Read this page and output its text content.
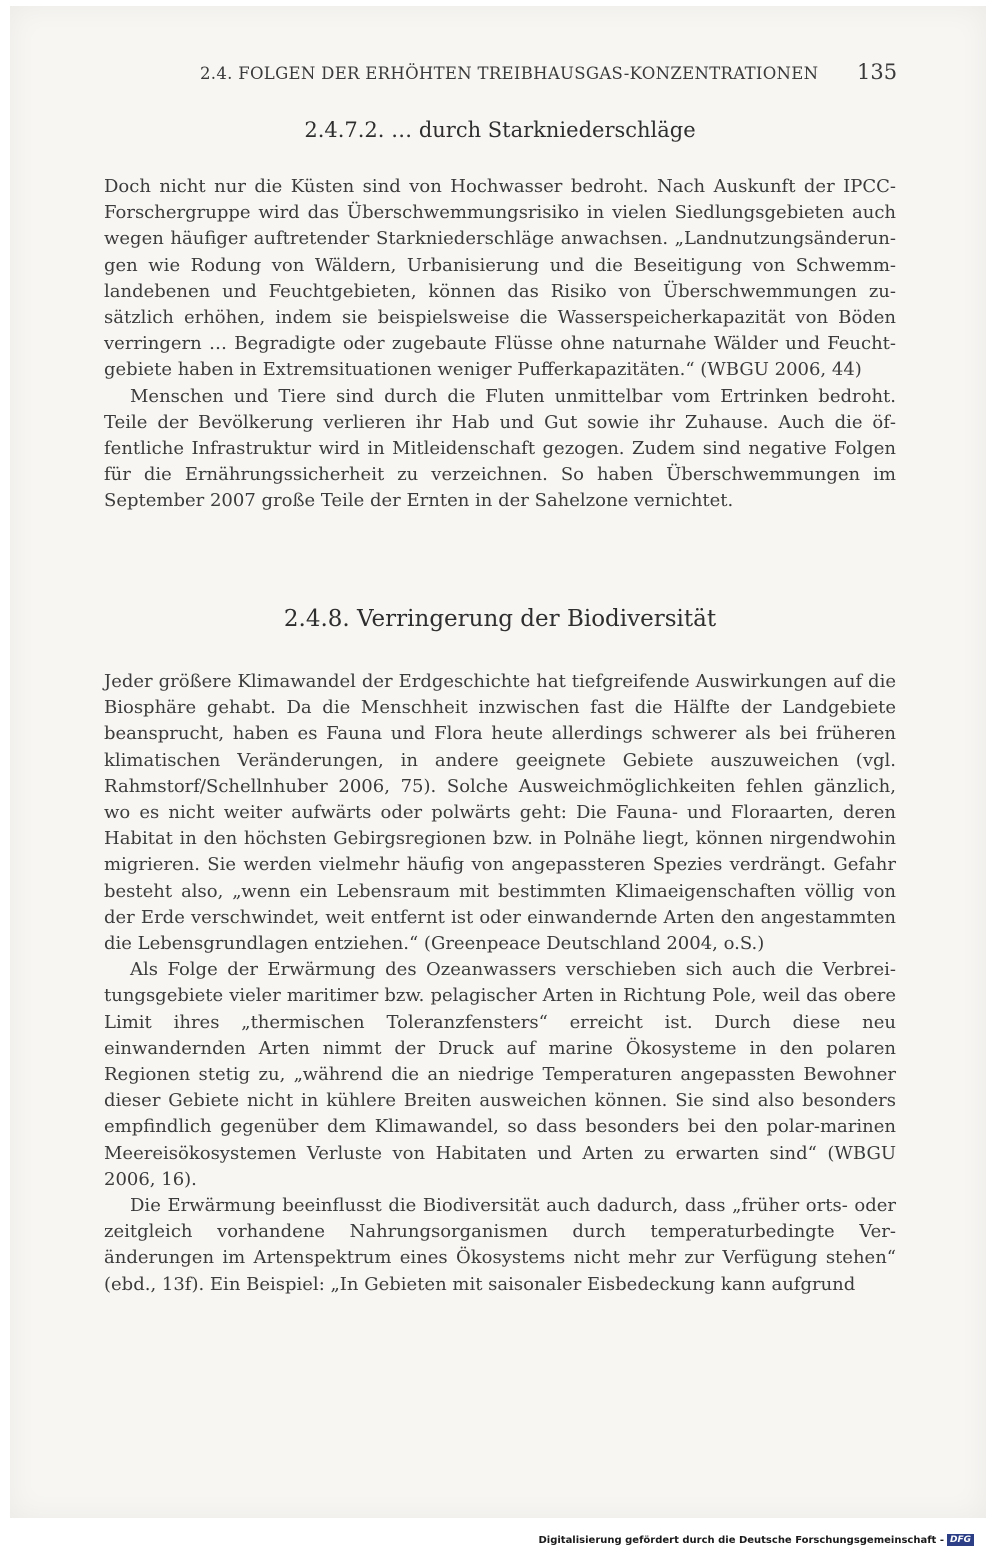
2.4. FOLGEN DER ERHÖHTEN TREIBHAUSGAS-KONZENTRATIONEN 135
2.4.7.2. … durch Starkniederschläge

Doch nicht nur die Küsten sind von Hochwasser bedroht. Nach Auskunft der IPCC-Forschergruppe wird das Überschwemmungsrisiko in vielen Siedlungsgebieten auch wegen häufiger auftretender Starkniederschläge anwachsen. „Landnutzungsänderungen wie Rodung von Wäldern, Urbanisierung und die Beseitigung von Schwemmlandebenen und Feuchtgebieten, können das Risiko von Überschwemmungen zusätzlich erhöhen, indem sie beispielsweise die Wasserspeicherkapazität von Böden verringern … Begradigte oder zugebaute Flüsse ohne naturnahe Wälder und Feuchtgebiete haben in Extremsituationen weniger Pufferkapazitäten.“ (WBGU 2006, 44)

Menschen und Tiere sind durch die Fluten unmittelbar vom Ertrinken bedroht. Teile der Bevölkerung verlieren ihr Hab und Gut sowie ihr Zuhause. Auch die öffentliche Infrastruktur wird in Mitleidenschaft gezogen. Zudem sind negative Folgen für die Ernährungssicherheit zu verzeichnen. So haben Überschwemmungen im September 2007 große Teile der Ernten in der Sahelzone vernichtet.

2.4.8. Verringerung der Biodiversität

Jeder größere Klimawandel der Erdgeschichte hat tiefgreifende Auswirkungen auf die Biosphäre gehabt. Da die Menschheit inzwischen fast die Hälfte der Landgebiete beansprucht, haben es Fauna und Flora heute allerdings schwerer als bei früheren klimatischen Veränderungen, in andere geeignete Gebiete auszuweichen (vgl. Rahmstorf/Schellnhuber 2006, 75). Solche Ausweichmöglichkeiten fehlen gänzlich, wo es nicht weiter aufwärts oder polwärts geht: Die Fauna- und Floraarten, deren Habitat in den höchsten Gebirgsregionen bzw. in Polnähe liegt, können nirgendwohin migrieren. Sie werden vielmehr häufig von angepassteren Spezies verdrängt. Gefahr besteht also, „wenn ein Lebensraum mit bestimmten Klimaeigenschaften völlig von der Erde verschwindet, weit entfernt ist oder einwandernde Arten den angestammten die Lebensgrundlagen entziehen.“ (Greenpeace Deutschland 2004, o.S.)

Als Folge der Erwärmung des Ozeanwassers verschieben sich auch die Verbreitungsgebiete vieler maritimer bzw. pelagischer Arten in Richtung Pole, weil das obere Limit ihres „thermischen Toleranzfensters“ erreicht ist. Durch diese neu einwandernden Arten nimmt der Druck auf marine Ökosysteme in den polaren Regionen stetig zu, „während die an niedrige Temperaturen angepassten Bewohner dieser Gebiete nicht in kühlere Breiten ausweichen können. Sie sind also besonders empfindlich gegenüber dem Klimawandel, so dass besonders bei den polar-marinen Meereisökosystemen Verluste von Habitaten und Arten zu erwarten sind“ (WBGU 2006, 16).

Die Erwärmung beeinflusst die Biodiversität auch dadurch, dass „früher orts- oder zeitgleich vorhandene Nahrungsorganismen durch temperaturbedingte Veränderungen im Artenspektrum eines Ökosystems nicht mehr zur Verfügung stehen“ (ebd., 13f). Ein Beispiel: „In Gebieten mit saisonaler Eisbedeckung kann aufgrund

Digitalisierung gefördert durch die Deutsche Forschungsgemeinschaft - DFG
